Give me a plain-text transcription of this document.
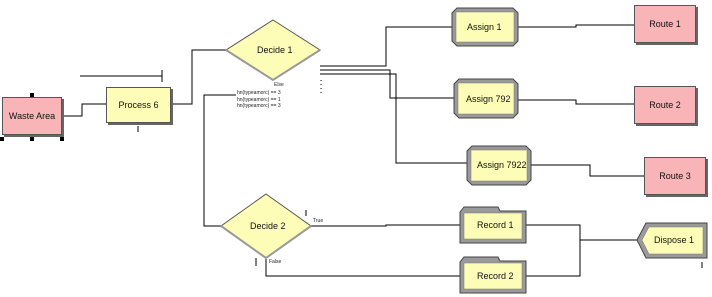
Waste Area
Process 6
Decide 1
Decide 2
Else
hn(typeamorc) == 3
hn(typeamorc) == 1
hn(typeamorc) == 3
True
False
Assign 1
Assign 792
Assign 7922
Route 1
Route 2
Route 3
Record 1
Record 2
Dispose 1
